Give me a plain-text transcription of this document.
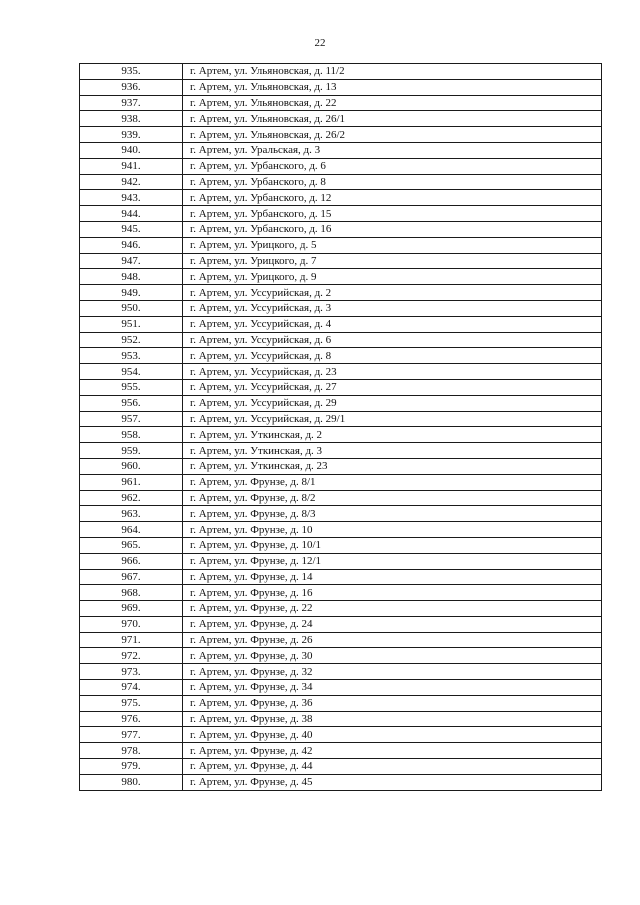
22
935.	г. Артем, ул. Ульяновская, д. 11/2
936.	г. Артем, ул. Ульяновская, д. 13
937.	г. Артем, ул. Ульяновская, д. 22
938.	г. Артем, ул. Ульяновская, д. 26/1
939.	г. Артем, ул. Ульяновская, д. 26/2
940.	г. Артем, ул. Уральская, д. 3
941.	г. Артем, ул. Урбанского, д. 6
942.	г. Артем, ул. Урбанского, д. 8
943.	г. Артем, ул. Урбанского, д. 12
944.	г. Артем, ул. Урбанского, д. 15
945.	г. Артем, ул. Урбанского, д. 16
946.	г. Артем, ул. Урицкого, д. 5
947.	г. Артем, ул. Урицкого, д. 7
948.	г. Артем, ул. Урицкого, д. 9
949.	г. Артем, ул. Уссурийская, д. 2
950.	г. Артем, ул. Уссурийская, д. 3
951.	г. Артем, ул. Уссурийская, д. 4
952.	г. Артем, ул. Уссурийская, д. 6
953.	г. Артем, ул. Уссурийская, д. 8
954.	г. Артем, ул. Уссурийская, д. 23
955.	г. Артем, ул. Уссурийская, д. 27
956.	г. Артем, ул. Уссурийская, д. 29
957.	г. Артем, ул. Уссурийская, д. 29/1
958.	г. Артем, ул. Уткинская, д. 2
959.	г. Артем, ул. Уткинская, д. 3
960.	г. Артем, ул. Уткинская, д. 23
961.	г. Артем, ул. Фрунзе, д. 8/1
962.	г. Артем, ул. Фрунзе, д. 8/2
963.	г. Артем, ул. Фрунзе, д. 8/3
964.	г. Артем, ул. Фрунзе, д. 10
965.	г. Артем, ул. Фрунзе, д. 10/1
966.	г. Артем, ул. Фрунзе, д. 12/1
967.	г. Артем, ул. Фрунзе, д. 14
968.	г. Артем, ул. Фрунзе, д. 16
969.	г. Артем, ул. Фрунзе, д. 22
970.	г. Артем, ул. Фрунзе, д. 24
971.	г. Артем, ул. Фрунзе, д. 26
972.	г. Артем, ул. Фрунзе, д. 30
973.	г. Артем, ул. Фрунзе, д. 32
974.	г. Артем, ул. Фрунзе, д. 34
975.	г. Артем, ул. Фрунзе, д. 36
976.	г. Артем, ул. Фрунзе, д. 38
977.	г. Артем, ул. Фрунзе, д. 40
978.	г. Артем, ул. Фрунзе, д. 42
979.	г. Артем, ул. Фрунзе, д. 44
980.	г. Артем, ул. Фрунзе, д. 45
